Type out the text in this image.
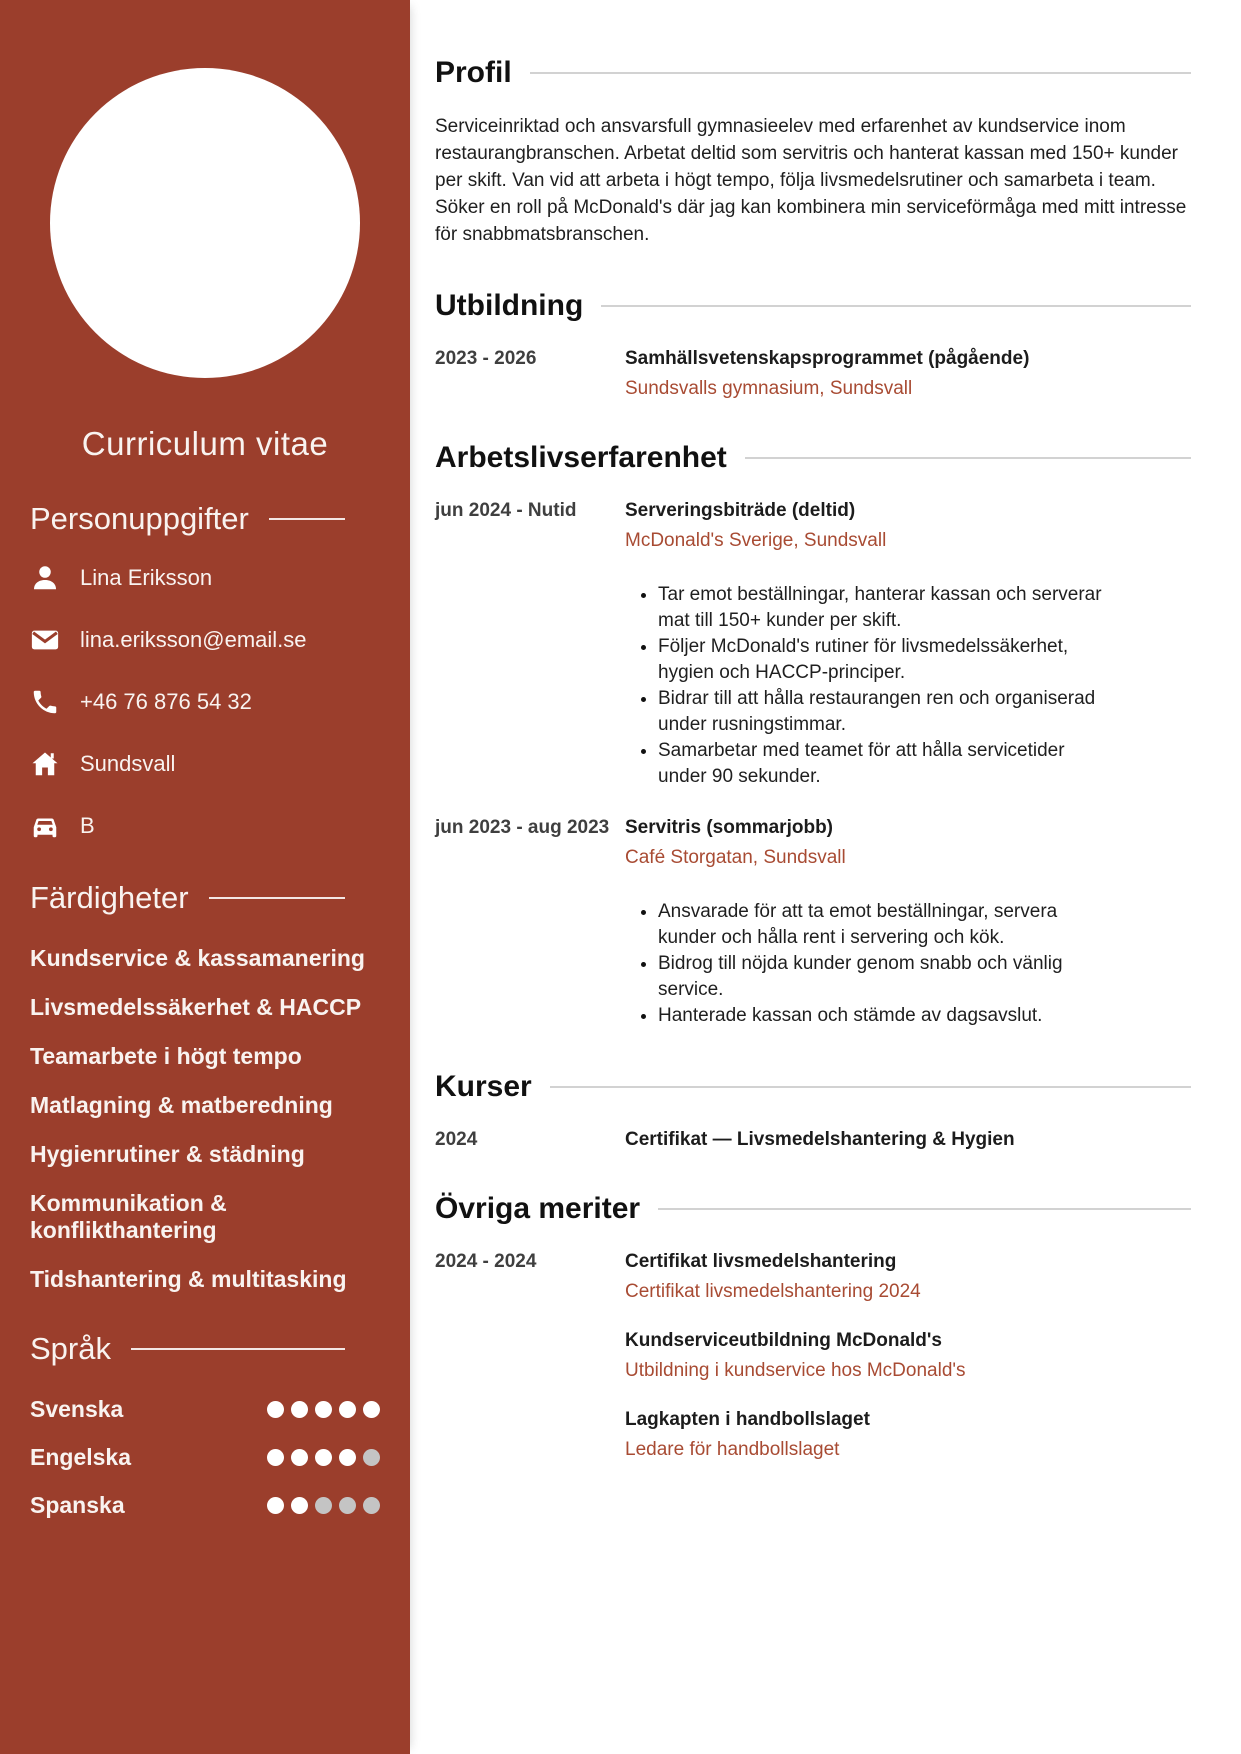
Curriculum vitae
Personuppgifter
Lina Eriksson
lina.eriksson@email.se
+46 76 876 54 32
Sundsvall
B
Färdigheter
Kundservice & kassamanering
Livsmedelssäkerhet & HACCP
Teamarbete i högt tempo
Matlagning & matberedning
Hygienrutiner & städning
Kommunikation & konflikthantering
Tidshantering & multitasking
Språk
Svenska
Engelska
Spanska
Profil

Serviceinriktad och ansvarsfull gymnasieelev med erfarenhet av kundservice inom restaurangbranschen. Arbetat deltid som servitris och hanterat kassan med 150+ kunder per skift. Van vid att arbeta i högt tempo, följa livsmedelsrutiner och samarbeta i team. Söker en roll på McDonald's där jag kan kombinera min serviceförmåga med mitt intresse för snabbmatsbranschen.

Utbildning
2023 - 2026	Samhällsvetenskapsprogrammet (pågående)
Sundsvalls gymnasium, Sundsvall
Arbetslivserfarenhet
jun 2024 - Nutid	Serveringsbiträde (deltid)
McDonald's Sverige, Sundsvall
• Tar emot beställningar, hanterar kassan och serverar mat till 150+ kunder per skift.
• Följer McDonald's rutiner för livsmedelssäkerhet, hygien och HACCP-principer.
• Bidrar till att hålla restaurangen ren och organiserad under rusningstimmar.
• Samarbetar med teamet för att hålla servicetider under 90 sekunder.
jun 2023 - aug 2023 Servitris (sommarjobb)
Café Storgatan, Sundsvall
• Ansvarade för att ta emot beställningar, servera kunder och hålla rent i servering och kök.
• Bidrog till nöjda kunder genom snabb och vänlig service.
• Hanterade kassan och stämde av dagsavslut.
Kurser
2024	Certifikat — Livsmedelshantering & Hygien
Övriga meriter
2024 - 2024	Certifikat livsmedelshantering
Certifikat livsmedelshantering 2024
Kundserviceutbildning McDonald's
Utbildning i kundservice hos McDonald's
Lagkapten i handbollslaget
Ledare för handbollslaget
